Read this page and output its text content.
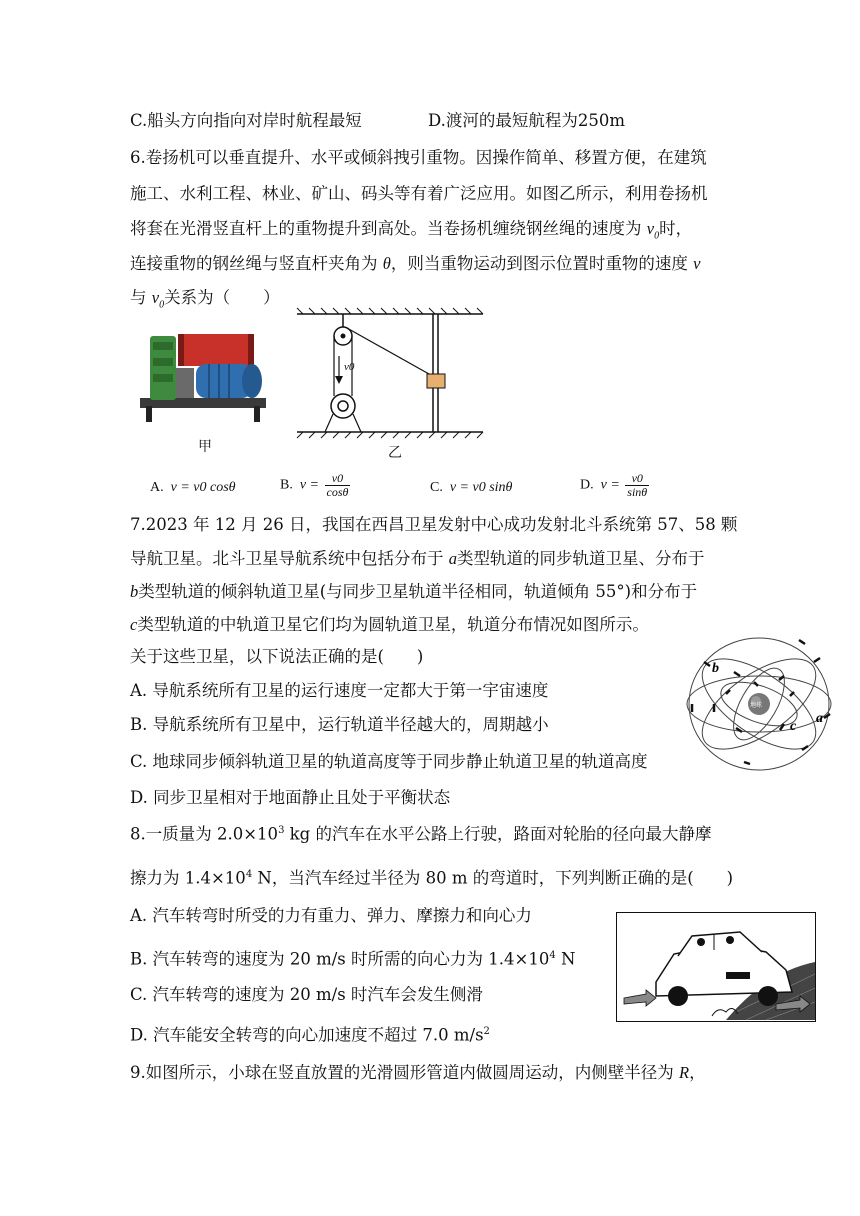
C.船头方向指向对岸时航程最短	D.渡河的最短航程为250m
6.卷扬机可以垂直提升、水平或倾斜拽引重物。因操作简单、移置方便，在建筑
施工、水利工程、林业、矿山、码头等有着广泛应用。如图乙所示，利用卷扬机
将套在光滑竖直杆上的重物提升到高处。当卷扬机缠绕钢丝绳的速度为 $v_0$时，
连接重物的钢丝绳与竖直杆夹角为 θ，则当重物运动到图示位置时重物的速度 v
与 $v_0$关系为（　　）
甲
v0
乙
A. v = v0 cosθ	B. $v = \frac{v0}{\cos\theta}$	C. v = v0 sinθ	D. $v = \frac{v0}{\sin\theta}$
7.2023 年 12 月 26 日，我国在西昌卫星发射中心成功发射北斗系统第 57、58 颗
导航卫星。北斗卫星导航系统中包括分布于 a类型轨道的同步轨道卫星、分布于
b类型轨道的倾斜轨道卫星(与同步卫星轨道半径相同，轨道倾角 55°)和分布于
c类型轨道的中轨道卫星它们均为圆轨道卫星，轨道分布情况如图所示。
关于这些卫星，以下说法正确的是(　　)
A. 导航系统所有卫星的运行速度一定都大于第一宇宙速度
B. 导航系统所有卫星中，运行轨道半径越大的，周期越小
C. 地球同步倾斜轨道卫星的轨道高度等于同步静止轨道卫星的轨道高度
D. 同步卫星相对于地面静止且处于平衡状态
b
a
c
地球
8.一质量为 $2.0\times 10^3$ kg 的汽车在水平公路上行驶，路面对轮胎的径向最大静摩
擦力为 $1.4\times 10^4$ N，当汽车经过半径为 80 m 的弯道时，下列判断正确的是(　　)
A. 汽车转弯时所受的力有重力、弹力、摩擦力和向心力
B. 汽车转弯的速度为 20 m/s 时所需的向心力为 $1.4\times 10^4$ N
C. 汽车转弯的速度为 20 m/s 时汽车会发生侧滑
D. 汽车能安全转弯的向心加速度不超过 7.0 $m/s^2$
9.如图所示，小球在竖直放置的光滑圆形管道内做圆周运动，内侧壁半径为 R，
